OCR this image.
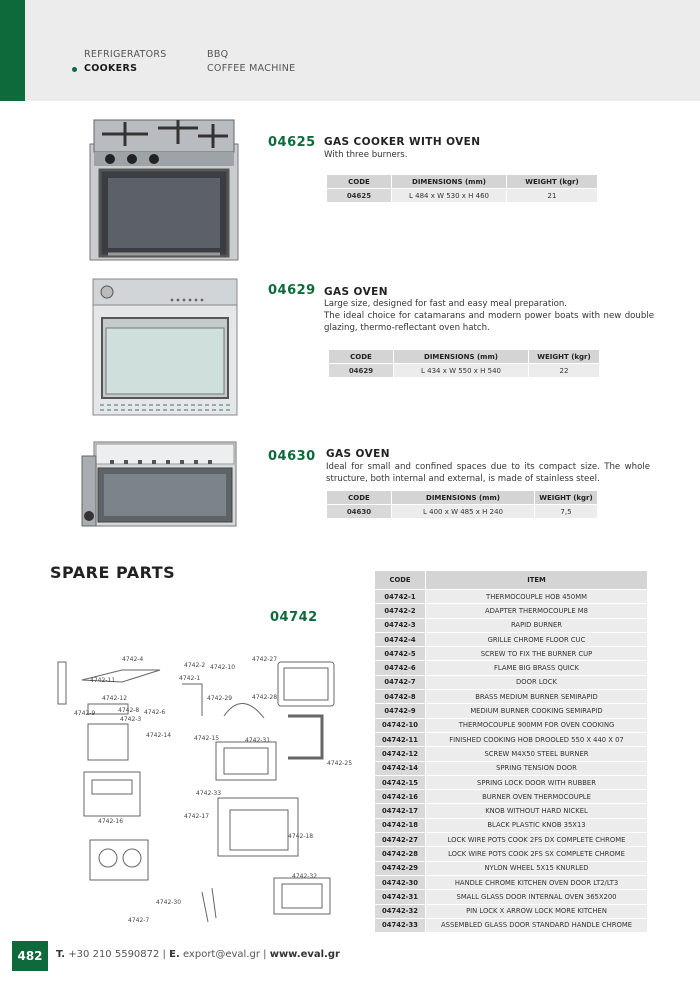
REFRIGERATORS
COOKERS
BBQ
COFFEE MACHINE
04625 GAS COOKER WITH OVEN
With three burners.
CODE	DIMENSIONS (mm)	WEIGHT (kgr)
04625	L 484 x W 530 x H 460	21
04629 GAS OVEN
Large size, designed for fast and easy meal preparation.
The ideal choice for catamarans and modern power boats with new double glazing, thermo-reflectant oven hatch.
CODE	DIMENSIONS (mm)	WEIGHT (kgr)
04629	L 434 x W 550 x H 540	22
04630 GAS OVEN
Ideal for small and confined spaces due to its compact size. The whole structure, both internal and external, is made of stainless steel.
CODE	DIMENSIONS (mm)	WEIGHT (kgr)
04630	L 400 x W 485 x H 240	7,5
SPARE PARTS
04742
CODE	ITEM
04742-1	THERMOCOUPLE HOB 450MM
04742-2	ADAPTER THERMOCOUPLE M8
04742-3	RAPID BURNER
04742-4	GRILLE CHROME FLOOR CUC
04742-5	SCREW TO FIX THE BURNER CUP
04742-6	FLAME BIG BRASS QUICK
04742-7	DOOR LOCK
04742-8	BRASS MEDIUM BURNER SEMIRAPID
04742-9	MEDIUM BURNER COOKING SEMIRAPID
04742-10	THERMOCOUPLE 900MM FOR OVEN COOKING
04742-11	FINISHED COOKING HOB DROOLED 550 X 440 X 07
04742-12	SCREW M4X50 STEEL BURNER
04742-14	SPRING TENSION DOOR
04742-15	SPRING LOCK DOOR WITH RUBBER
04742-16	BURNER OVEN THERMOCOUPLE
04742-17	KNOB WITHOUT HARD NICKEL
04742-18	BLACK PLASTIC KNOB 35X13
04742-27	LOCK WIRE POTS COOK 2FS DX COMPLETE CHROME
04742-28	LOCK WIRE POTS COOK 2FS SX COMPLETE CHROME
04742-29	NYLON WHEEL 5X15 KNURLED
04742-30	HANDLE CHROME KITCHEN OVEN DOOR LT2/LT3
04742-31	SMALL GLASS DOOR INTERNAL OVEN 365X200
04742-32	PIN LOCK X ARROW LOCK MORE KITCHEN
04742-33	ASSEMBLED GLASS DOOR STANDARD HANDLE CHROME
4742-4
4742-11
4742-12
4742-8
4742-9
4742-3
4742-6
4742-2
4742-1
4742-10
4742-27
4742-28
4742-29
4742-14	4742-15	4742-31
4742-25
4742-33
4742-17
4742-16
4742-18
4742-32
4742-30
4742-7
482	T. +30 210 5590872 | E. export@eval.gr | www.eval.gr
